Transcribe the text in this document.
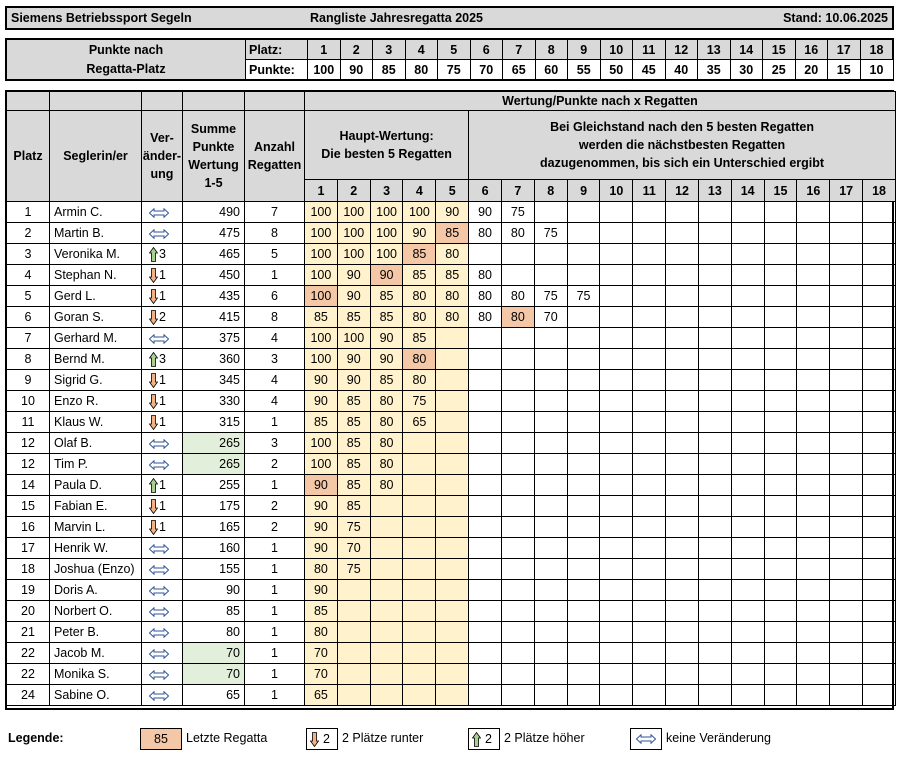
Siemens Betriebssport Segeln	Rangliste Jahresregatta 2025	Stand: 10.06.2025
Punkte nach
Regatta-Platz
Platz:	1	2	3	4	5	6	7	8	9	10	11	12	13	14	15	16	17	18
Punkte:	100	90	85	80	75	70	65	60	55	50	45	40	35	30	25	20	15	10
					Wertung/Punkte nach x Regatten																	
Platz	Seglerin/er	Ver-
änder-
ung	Summe
Punkte
Wertung
1-5	Anzahl
Regatten	Haupt-Wertung:
Die besten 5 Regatten					Bei Gleichstand nach den 5 besten Regatten
werden die nächstbesten Regatten
dazugenommen, bis sich ein Unterschied ergibt												
					1	2	3	4	5	6	7	8	9	10	11	12	13	14	15	16	17	18
1	Armin C.		490	7	100	100	100	100	90	90	75											
2	Martin B.		475	8	100	100	100	90	85	80	80	75										
3	Veronika M.	3	465	5	100	100	100	85	80													
4	Stephan N.	1	450	1	100	90	90	85	85	80												
5	Gerd L.	1	435	6	100	90	85	80	80	80	80	75	75									
6	Goran S.	2	415	8	85	85	85	80	80	80	80	70										
7	Gerhard M.		375	4	100	100	90	85														
8	Bernd M.	3	360	3	100	90	90	80														
9	Sigrid G.	1	345	4	90	90	85	80														
10	Enzo R.	1	330	4	90	85	80	75														
11	Klaus W.	1	315	1	85	85	80	65														
12	Olaf B.		265	3	100	85	80															
12	Tim P.		265	2	100	85	80															
14	Paula D.	1	255	1	90	85	80															
15	Fabian E.	1	175	2	90	85																
16	Marvin L.	1	165	2	90	75																
17	Henrik W.		160	1	90	70																
18	Joshua (Enzo)		155	1	80	75																
19	Doris A.		90	1	90																	
20	Norbert O.		85	1	85																	
21	Peter B.		80	1	80																	
22	Jacob M.		70	1	70																	
22	Monika S.		70	1	70																	
24	Sabine O.		65	1	65																	
Legende:	85	Letzte Regatta	2 2 Plätze runter	2 2 Plätze höher	keine Veränderung
